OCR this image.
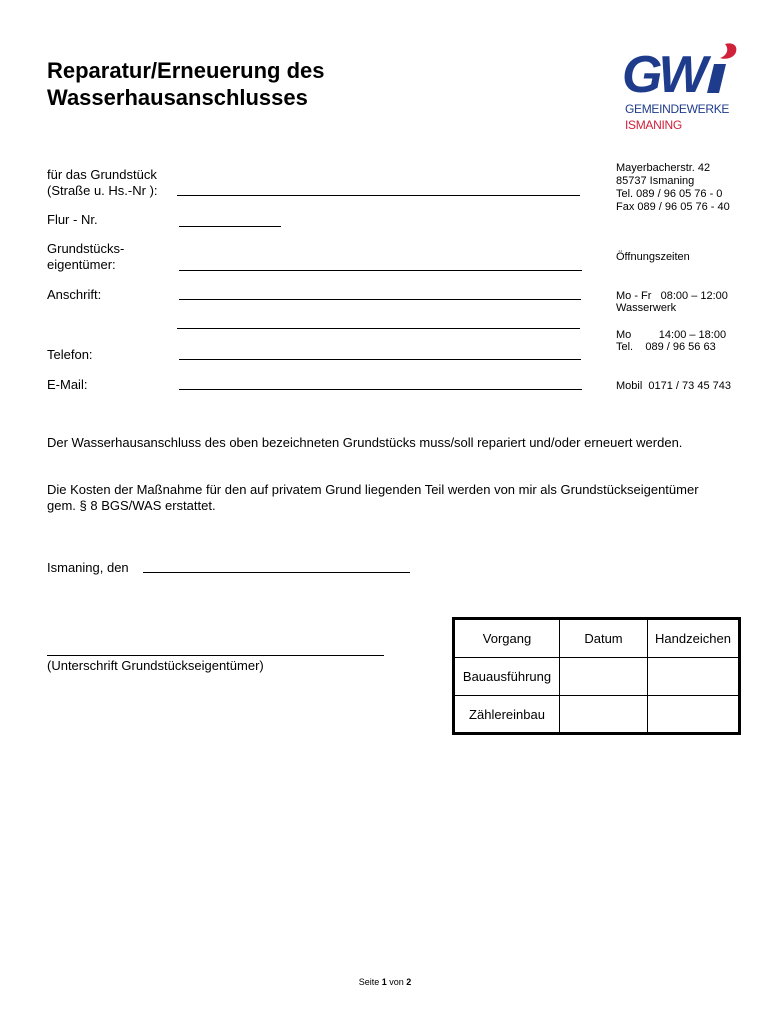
Reparatur/Erneuerung des
Wasserhausanschlusses	GW
GEMEINDEWERKE
ISMANING
Mayerbacherstr. 42
85737 Ismaning
Tel. 089 / 96 05 76 - 0
Fax 089 / 96 05 76 - 40

Öffnungszeiten

Mo - Fr   08:00 – 12:00

Mo         14:00 – 18:00

Wasserwerk

Tel.    089 / 96 56 63

Mobil  0171 / 73 45 743

für das Grundstück
(Straße u. Hs.-Nr ):
Flur - Nr.
Grundstücks-
eigentümer:
Anschrift:
Telefon:
E-Mail:
Der Wasserhausanschluss des oben bezeichneten Grundstücks muss/soll repariert und/oder erneuert werden.
Die Kosten der Maßnahme für den auf privatem Grund liegenden Teil werden von mir als Grundstückseigentümer gem. § 8 BGS/WAS erstattet.
Ismaning, den
(Unterschrift Grundstückseigentümer)
Vorgang	Datum	Handzeichen
Bauausführung		
Zählereinbau		
Seite 1 von 2
